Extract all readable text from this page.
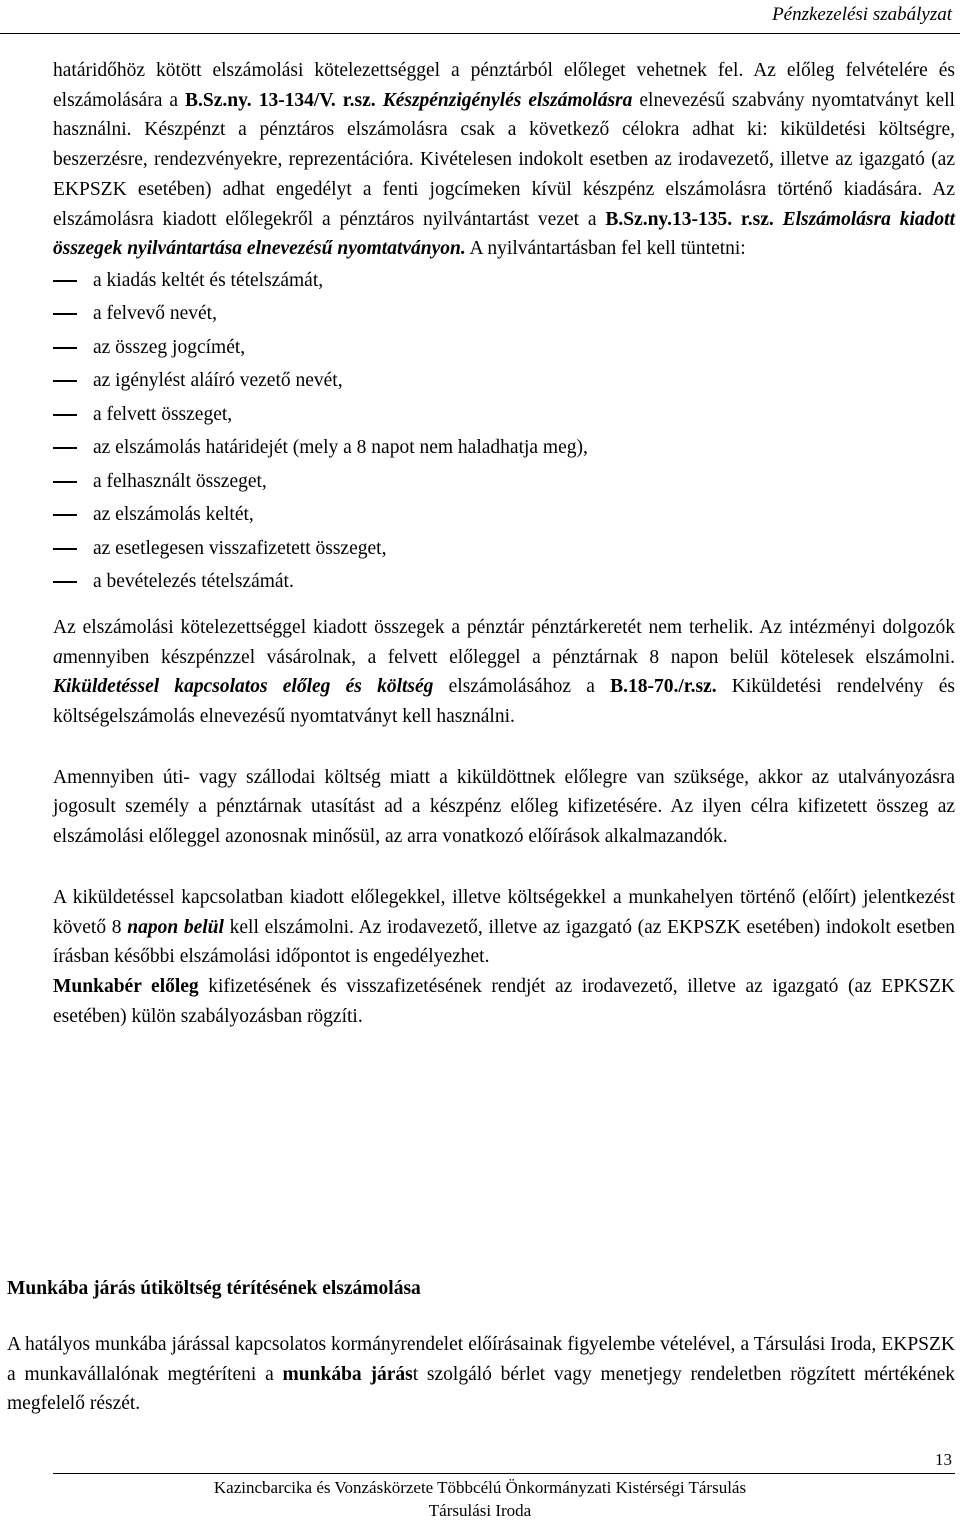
Pénzkezelési szabályzat

határidőhöz kötött elszámolási kötelezettséggel a pénztárból előleget vehetnek fel. Az előleg felvételére és elszámolására a B.Sz.ny. 13-134/V. r.sz. Készpénzigénylés elszámolásra elnevezésű szabvány nyomtatványt kell használni. Készpénzt a pénztáros elszámolásra csak a következő célokra adhat ki: kiküldetési költségre, beszerzésre, rendezvényekre, reprezentációra. Kivételesen indokolt esetben az irodavezető, illetve az igazgató (az EKPSZK esetében) adhat engedélyt a fenti jogcímeken kívül készpénz elszámolásra történő kiadására. Az elszámolásra kiadott előlegekről a pénztáros nyilvántartást vezet a B.Sz.ny.13-135. r.sz. Elszámolásra kiadott összegek nyilvántartása elnevezésű nyomtatványon. A nyilvántartásban fel kell tüntetni:

a kiadás keltét és tételszámát,
a felvevő nevét,
az összeg jogcímét,
az igénylést aláíró vezető nevét,
a felvett összeget,
az elszámolás határidejét (mely a 8 napot nem haladhatja meg),
a felhasznált összeget,
az elszámolás keltét,
az esetlegesen visszafizetett összeget,
a bevételezés tételszámát.

Az elszámolási kötelezettséggel kiadott összegek a pénztár pénztárkeretét nem terhelik. Az intézményi dolgozók amennyiben készpénzzel vásárolnak, a felvett előleggel a pénztárnak 8 napon belül kötelesek elszámolni. Kiküldetéssel kapcsolatos előleg és költség elszámolásához a B.18-70./r.sz. Kiküldetési rendelvény és költségelszámolás elnevezésű nyomtatványt kell használni.

Amennyiben úti- vagy szállodai költség miatt a kiküldöttnek előlegre van szüksége, akkor az utalványozásra jogosult személy a pénztárnak utasítást ad a készpénz előleg kifizetésére. Az ilyen célra kifizetett összeg az elszámolási előleggel azonosnak minősül, az arra vonatkozó előírások alkalmazandók.

A kiküldetéssel kapcsolatban kiadott előlegekkel, illetve költségekkel a munkahelyen történő (előírt) jelentkezést követő 8 napon belül kell elszámolni. Az irodavezető, illetve az igazgató (az EKPSZK esetében) indokolt esetben írásban későbbi elszámolási időpontot is engedélyezhet.

Munkabér előleg kifizetésének és visszafizetésének rendjét az irodavezető, illetve az igazgató (az EPKSZK esetében) külön szabályozásban rögzíti.

Munkába járás útiköltség térítésének elszámolása

A hatályos munkába járással kapcsolatos kormányrendelet előírásainak figyelembe vételével, a Társulási Iroda, EKPSZK a munkavállalónak megtéríteni a munkába járást szolgáló bérlet vagy menetjegy rendeletben rögzített mértékének megfelelő részét.

13
Kazincbarcika és Vonzáskörzete Többcélú Önkormányzati Kistérségi Társulás
Társulási Iroda
